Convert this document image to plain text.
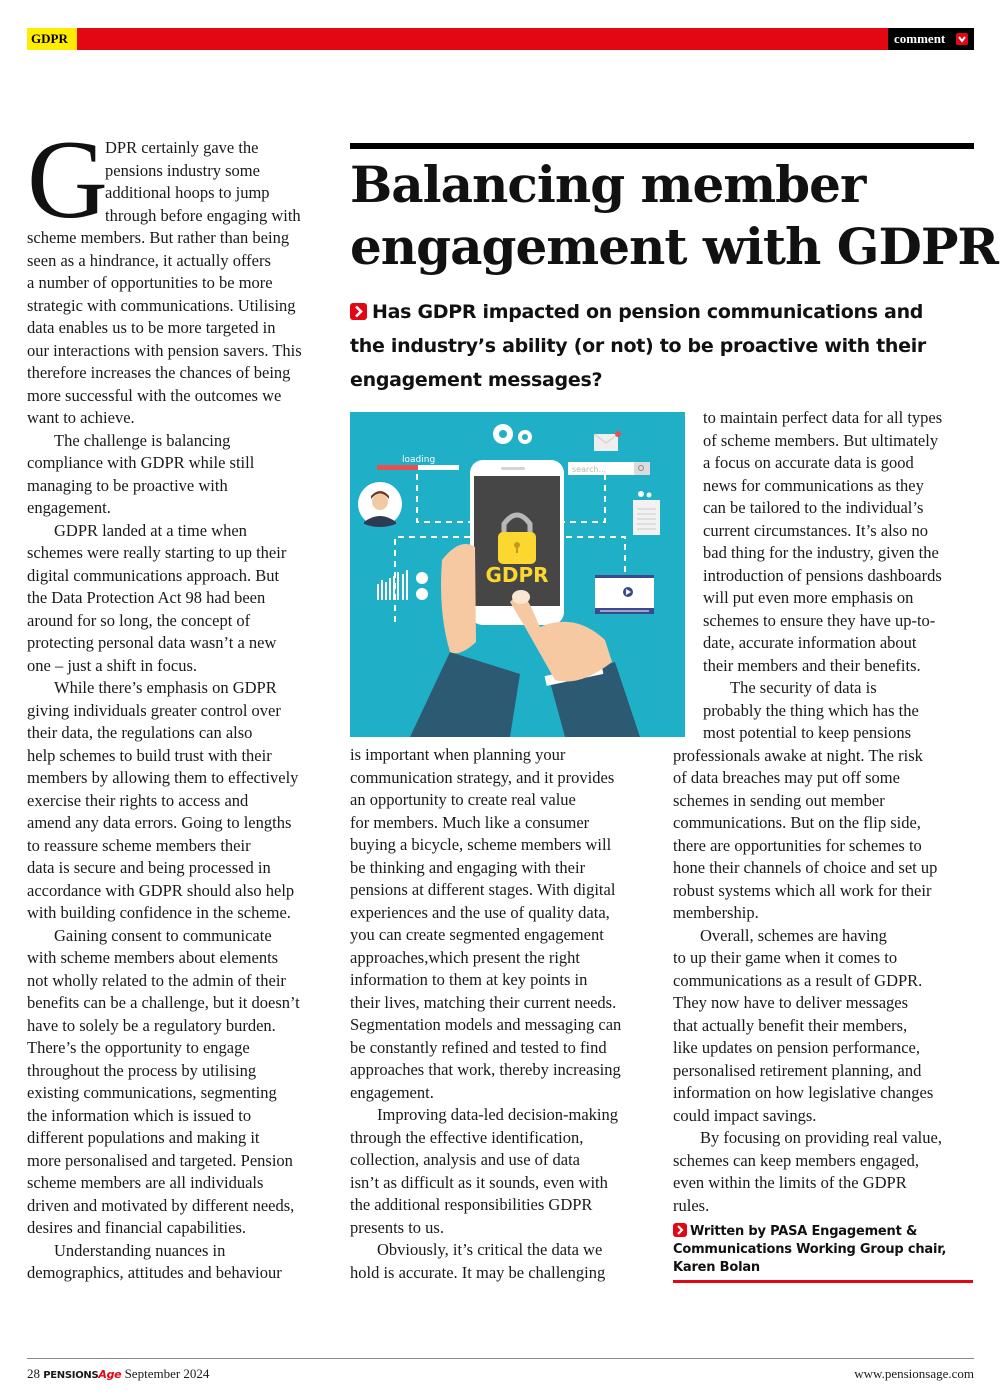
GDPR	comment
Balancing member
engagement with GDPR
Has GDPR impacted on pension communications and
the industry’s ability (or not) to be proactive with their
engagement messages?
G
DPR certainly gave the
pensions industry some
additional hoops to jump
through before engaging with
scheme members. But rather than being
seen as a hindrance, it actually offers
a number of opportunities to be more
strategic with communications. Utilising
data enables us to be more targeted in
our interactions with pension savers. This
therefore increases the chances of being
more successful with the outcomes we
want to achieve.
The challenge is balancing
compliance with GDPR while still
managing to be proactive with
engagement.
GDPR landed at a time when
schemes were really starting to up their
digital communications approach. But
the Data Protection Act 98 had been
around for so long, the concept of
protecting personal data wasn’t a new
one – just a shift in focus.
While there’s emphasis on GDPR
giving individuals greater control over
their data, the regulations can also
help schemes to build trust with their
members by allowing them to effectively
exercise their rights to access and
amend any data errors. Going to lengths
to reassure scheme members their
data is secure and being processed in
accordance with GDPR should also help
with building confidence in the scheme.
Gaining consent to communicate
with scheme members about elements
not wholly related to the admin of their
benefits can be a challenge, but it doesn’t
have to solely be a regulatory burden.
There’s the opportunity to engage
throughout the process by utilising
existing communications, segmenting
the information which is issued to
different populations and making it
more personalised and targeted. Pension
scheme members are all individuals
driven and motivated by different needs,
desires and financial capabilities.
Understanding nuances in
demographics, attitudes and behaviour
loading
search...
GDPR
is important when planning your
communication strategy, and it provides
an opportunity to create real value
for members. Much like a consumer
buying a bicycle, scheme members will
be thinking and engaging with their
pensions at different stages. With digital
experiences and the use of quality data,
you can create segmented engagement
approaches,which present the right
information to them at key points in
their lives, matching their current needs.
Segmentation models and messaging can
be constantly refined and tested to find
approaches that work, thereby increasing
engagement.
Improving data-led decision-making
through the effective identification,
collection, analysis and use of data
isn’t as difficult as it sounds, even with
the additional responsibilities GDPR
presents to us.
Obviously, it’s critical the data we
hold is accurate. It may be challenging
to maintain perfect data for all types
of scheme members. But ultimately
a focus on accurate data is good
news for communications as they
can be tailored to the individual’s
current circumstances. It’s also no
bad thing for the industry, given the
introduction of pensions dashboards
will put even more emphasis on
schemes to ensure they have up-to-
date, accurate information about
their members and their benefits.
The security of data is
probably the thing which has the
most potential to keep pensions
professionals awake at night. The risk
of data breaches may put off some
schemes in sending out member
communications. But on the flip side,
there are opportunities for schemes to
hone their channels of choice and set up
robust systems which all work for their
membership.
Overall, schemes are having
to up their game when it comes to
communications as a result of GDPR.
They now have to deliver messages
that actually benefit their members,
like updates on pension performance,
personalised retirement planning, and
information on how legislative changes
could impact savings.
By focusing on providing real value,
schemes can keep members engaged,
even within the limits of the GDPR
rules.
Written by PASA Engagement &
Communications Working Group chair,
Karen Bolan
28 PENSIONSAge September 2024	www.pensionsage.com
